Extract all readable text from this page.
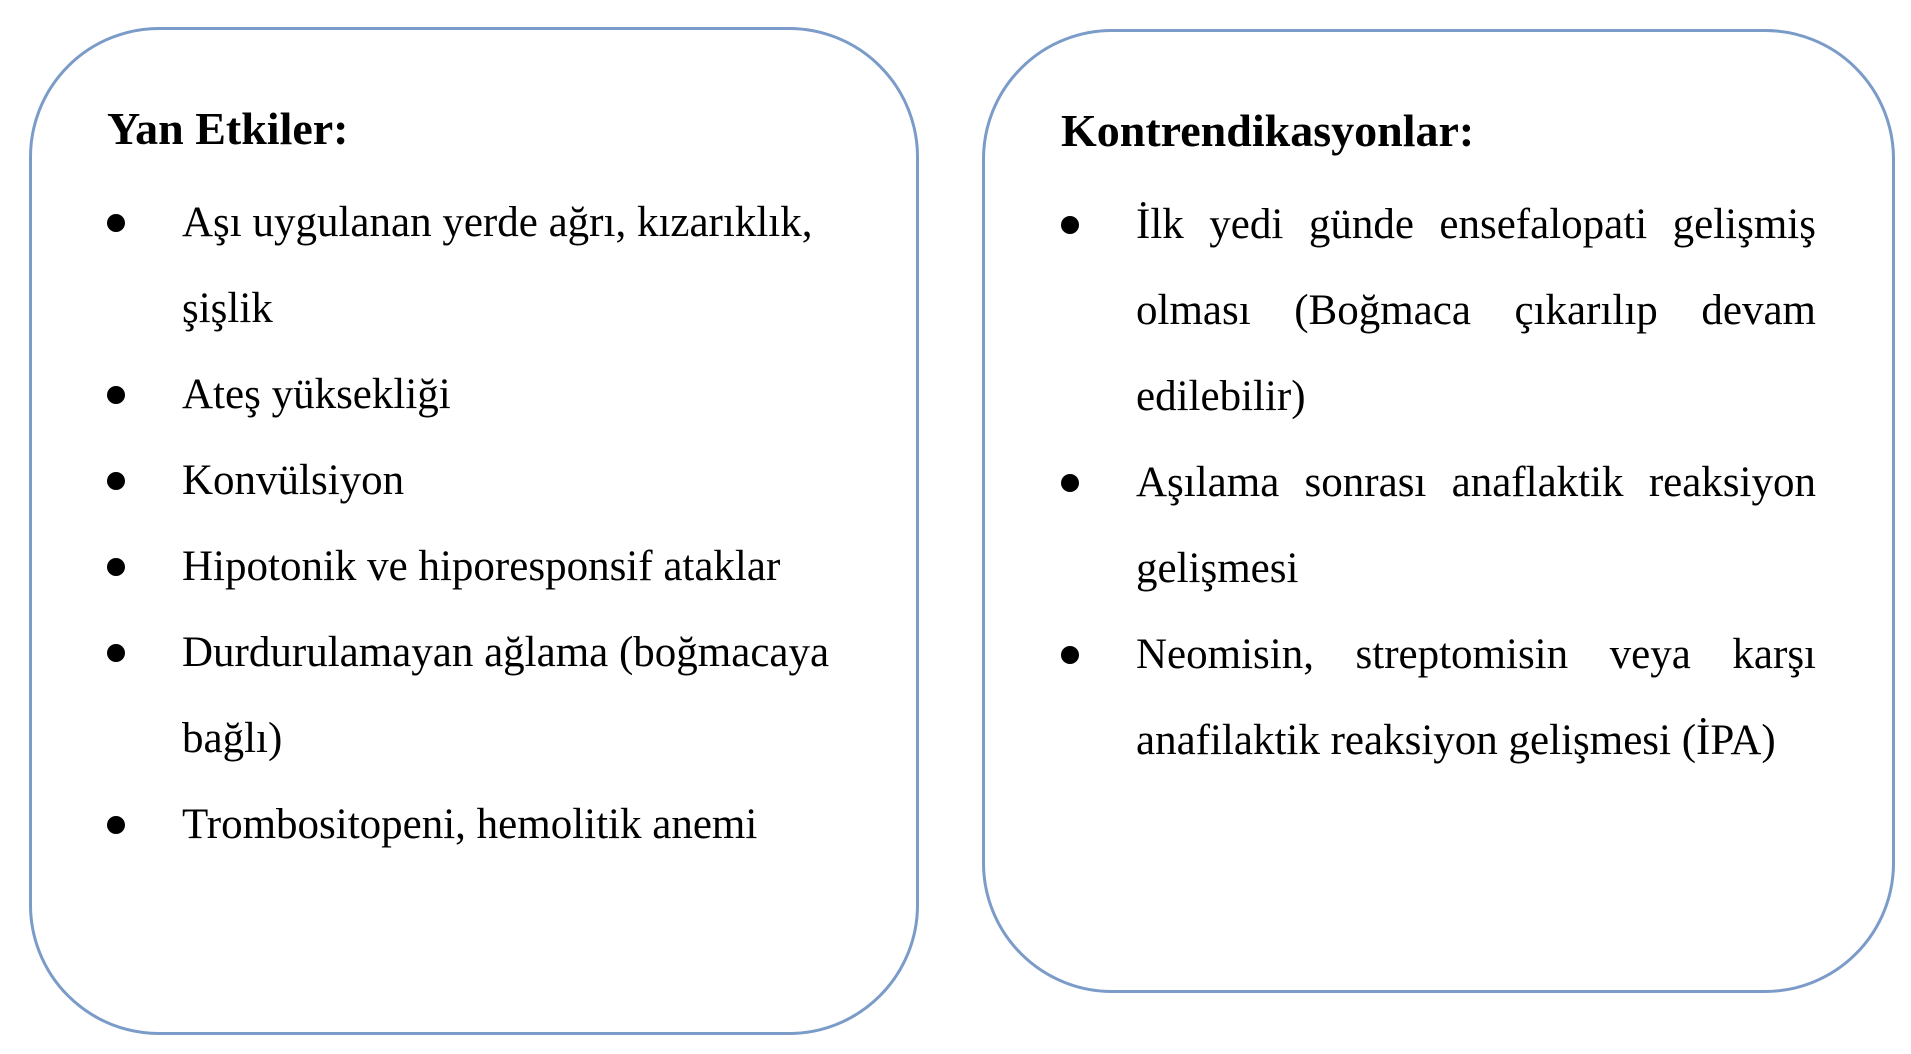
Yan Etkiler:
Aşı uygulanan yerde ağrı, kızarıklık, şişlik
Ateş yüksekliği
Konvülsiyon
Hipotonik ve hiporesponsif ataklar
Durdurulamayan ağlama (boğmacaya bağlı)
Trombositopeni, hemolitik anemi
Kontrendikasyonlar:
İlk yedi günde ensefalopati gelişmiş olması (Boğmaca çıkarılıp devam edilebilir)
Aşılama sonrası anaflaktik reaksiyon gelişmesi
Neomisin, streptomisin veya karşı anafilaktik reaksiyon gelişmesi (İPA)
